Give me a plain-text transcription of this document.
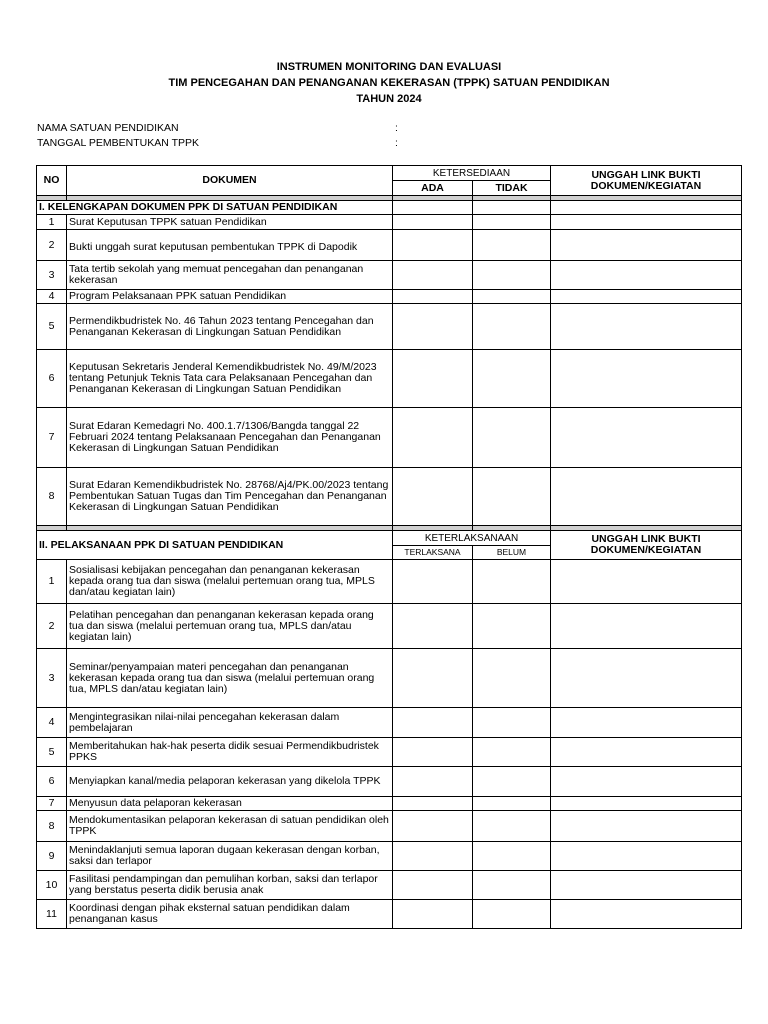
INSTRUMEN MONITORING DAN EVALUASI
TIM PENCEGAHAN DAN PENANGANAN KEKERASAN (TPPK) SATUAN PENDIDIKAN
TAHUN 2024
NAMA SATUAN PENDIDIKAN	:
TANGGAL PEMBENTUKAN TPPK	:
NO	DOKUMEN	KETERSEDIAAN		UNGGAH LINK BUKTI DOKUMEN/KEGIATAN
		ADA	TIDAK	

I. KELENGKAPAN DOKUMEN PPK DI SATUAN PENDIDIKAN				
1	Surat Keputusan TPPK satuan Pendidikan			
2	Bukti unggah surat keputusan pembentukan TPPK di Dapodik			
3	Tata tertib sekolah yang memuat pencegahan dan penanganan kekerasan			
4	Program Pelaksanaan PPK satuan Pendidikan			
5	Permendikbudristek No. 46 Tahun 2023 tentang Pencegahan dan Penanganan Kekerasan di Lingkungan Satuan Pendidikan			
6	Keputusan Sekretaris Jenderal Kemendikbudristek No. 49/M/2023 tentang Petunjuk Teknis Tata cara Pelaksanaan Pencegahan dan Penanganan Kekerasan di Lingkungan Satuan Pendidikan			
7	Surat Edaran Kemedagri No. 400.1.7/1306/Bangda tanggal 22 Februari 2024 tentang Pelaksanaan Pencegahan dan Penanganan Kekerasan di Lingkungan Satuan Pendidikan			
8	Surat Edaran Kemendikbudristek No. 28768/Aj4/PK.00/2023 tentang Pembentukan Satuan Tugas dan Tim Pencegahan dan Penanganan Kekerasan di Lingkungan Satuan Pendidikan			

II. PELAKSANAAN PPK DI SATUAN PENDIDIKAN		KETERLAKSANAAN		UNGGAH LINK BUKTI DOKUMEN/KEGIATAN
		TERLAKSANA	BELUM	
1	Sosialisasi kebijakan pencegahan dan penanganan kekerasan kepada orang tua dan siswa (melalui pertemuan orang tua, MPLS dan/atau kegiatan lain)			
2	Pelatihan pencegahan dan penanganan kekerasan kepada orang tua dan siswa (melalui pertemuan orang tua, MPLS dan/atau kegiatan lain)			
3	Seminar/penyampaian materi pencegahan dan penanganan kekerasan kepada orang tua dan siswa (melalui pertemuan orang tua, MPLS dan/atau kegiatan lain)			
4	Mengintegrasikan nilai-nilai pencegahan kekerasan dalam pembelajaran			
5	Memberitahukan hak-hak peserta didik sesuai Permendikbudristek PPKS			
6	Menyiapkan kanal/media pelaporan kekerasan yang dikelola TPPK			
7	Menyusun data pelaporan kekerasan			
8	Mendokumentasikan pelaporan kekerasan di satuan pendidikan oleh TPPK			
9	Menindaklanjuti semua laporan dugaan kekerasan dengan korban, saksi dan terlapor			
10	Fasilitasi pendampingan dan pemulihan korban, saksi dan terlapor yang berstatus peserta didik berusia anak			
11	Koordinasi dengan pihak eksternal satuan pendidikan dalam penanganan kasus			
